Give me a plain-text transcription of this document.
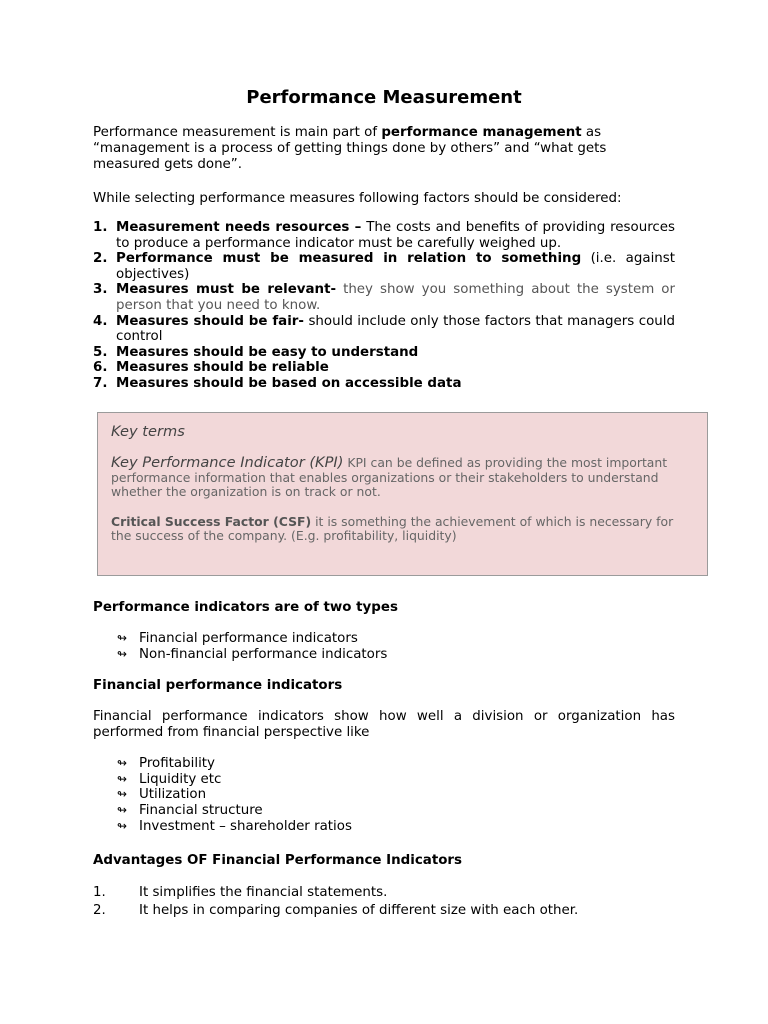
Performance Measurement

Performance measurement is main part of performance management as “management is a process of getting things done by others” and “what gets measured gets done”.

While selecting performance measures following factors should be considered:

1. Measurement needs resources – The costs and benefits of providing resources to produce a performance indicator must be carefully weighed up.
2. Performance must be measured in relation to something (i.e. against objectives)
3. Measures must be relevant- they show you something about the system or person that you need to know.
4. Measures should be fair- should include only those factors that managers could control
5. Measures should be easy to understand
6. Measures should be reliable
7. Measures should be based on accessible data

Key terms

Key Performance Indicator (KPI) KPI can be defined as providing the most important performance information that enables organizations or their stakeholders to understand whether the organization is on track or not.

Critical Success Factor (CSF) it is something the achievement of which is necessary for the success of the company. (E.g. profitability, liquidity)

Performance indicators are of two types

↬ Financial performance indicators
↬ Non-financial performance indicators

Financial performance indicators

Financial performance indicators show how well a division or organization has performed from financial perspective like

↬ Profitability
↬ Liquidity etc
↬ Utilization
↬ Financial structure
↬ Investment – shareholder ratios

Advantages OF Financial Performance Indicators

1. It simplifies the financial statements.
2. It helps in comparing companies of different size with each other.
